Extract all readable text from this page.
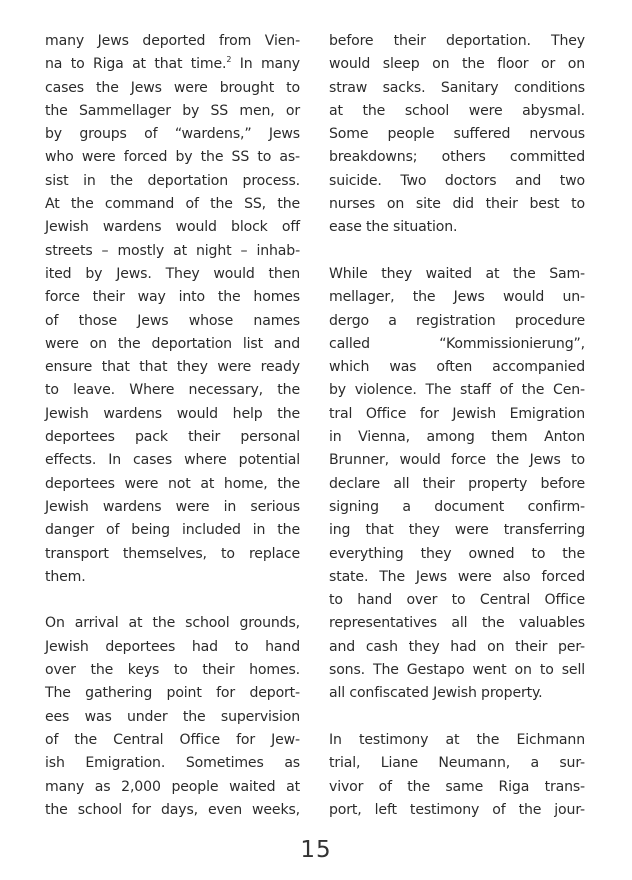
many Jews deported from Vien-
na to Riga at that time.$^2$ In many
cases the Jews were brought to
the Sammellager by SS men, or
by groups of “wardens,” Jews
who were forced by the SS to as-
sist in the deportation process.
At the command of the SS, the
Jewish wardens would block off
streets – mostly at night – inhab-
ited by Jews. They would then
force their way into the homes
of those Jews whose names
were on the deportation list and
ensure that that they were ready
to leave. Where necessary, the
Jewish wardens would help the
deportees pack their personal
effects. In cases where potential
deportees were not at home, the
Jewish wardens were in serious
danger of being included in the
transport themselves, to replace
them.
On arrival at the school grounds,
Jewish deportees had to hand
over the keys to their homes.
The gathering point for deport-
ees was under the supervision
of the Central Office for Jew-
ish Emigration. Sometimes as
many as 2,000 people waited at
the school for days, even weeks,
before their deportation. They
would sleep on the floor or on
straw sacks. Sanitary conditions
at the school were abysmal.
Some people suffered nervous
breakdowns; others committed
suicide. Two doctors and two
nurses on site did their best to
ease the situation.
While they waited at the Sam-
mellager, the Jews would un-
dergo a registration procedure
called “Kommissionierung”,
which was often accompanied
by violence. The staff of the Cen-
tral Office for Jewish Emigration
in Vienna, among them Anton
Brunner, would force the Jews to
declare all their property before
signing a document confirm-
ing that they were transferring
everything they owned to the
state. The Jews were also forced
to hand over to Central Office
representatives all the valuables
and cash they had on their per-
sons. The Gestapo went on to sell
all confiscated Jewish property.
In testimony at the Eichmann
trial, Liane Neumann, a sur-
vivor of the same Riga trans-
port, left testimony of the jour-
15
